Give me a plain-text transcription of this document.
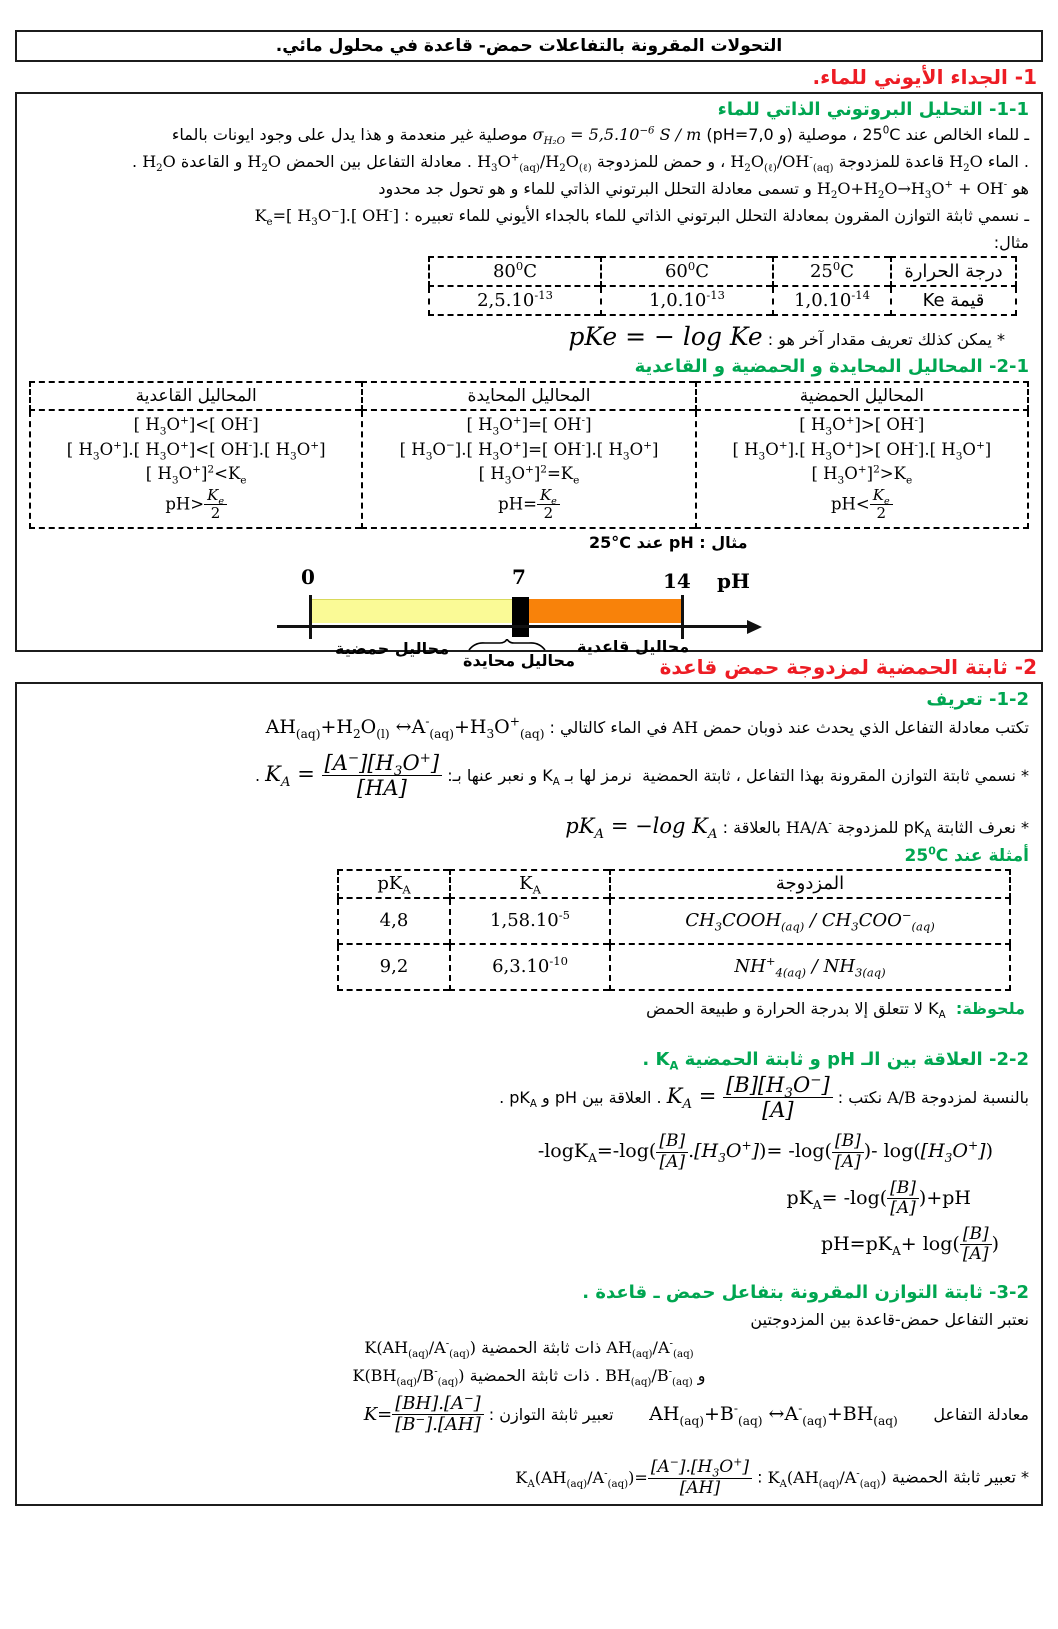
التحولات المقرونة بالتفاعلات حمض- قاعدة في محلول مائي.
1- الجداء الأيوني للماء.
1-1- التحليل البروتوني الذاتي للماء
ـ للماء الخالص عند $25^0C$ ، موصلية (و pH=7,0) $\sigma_{H_2O} = 5,5.10^{-6}$ S / m موصلية غير منعدمة و هذا يدل على وجود ايونات بالماء
. الماء $H_2O$ قاعدة للمزدوجة $H_2O_{(\ell)}/OH^-_{(aq)}$ ، و حمض للمزدوجة $H_3O^+_{(aq)}/H_2O_{(\ell)}$ . معادلة التفاعل بين الحمض $H_2O$ و القاعدة $H_2O$ .
هو $H_2O+H_2O\to H_3O^+ + OH^-$ و تسمى معادلة التحلل البرتوني الذاتي للماء و هو تحول جد محدود
ـ نسمي ثابثة التوازن المقرون بمعادلة التحلل البرتوني الذاتي للماء بالجداء الأيوني للماء تعبيره : $K_e=$[ $H_3O^-$].[ OH-]
مثال:
درجة الحرارة	$25^0C$	$60^0C$	$80^0C$
قيمة Ke	$1,0.10^{-14}$	$1,0.10^{-13}$	$2,5.10^{-13}$
* يمكن كذلك تعريف مقدار آخر هو : pKe = − log Ke
2-1- المحاليل المحايدة و الحمضية و القاعدية
المحاليل الحمضية	المحاليل المحايدة	المحاليل القاعدية

[ $H_3O^+]>$[ OH-]
[ $H_3O^+$].[ $H_3O^+]>$[ OH-].[ $H_3O^+$]
[ $H_3O^+]^2>K_e$
$pH< \frac{K_e}{2}$

[ $H_3O^+]=$[ OH-]
[ $H_3O^-$].[ $H_3O^+]=$[ OH-].[ $H_3O^+$]
[ $H_3O^+]^2=K_e$
$pH= \frac{K_e}{2}$

[ $H_3O^+]<$[ OH-]
[ $H_3O^+$].[ $H_3O^+]<$[ OH-].[ $H_3O^+$]
[ $H_3O^+]^2<K_e$
$pH> \frac{K_e}{2}$
مثال : pH عند 25°C
0	7	14 pH
محاليل حمضية
محاليل محايدة
محاليل قاعدية
2- ثابتة الحمضية لمزدوجة حمض قاعدة
1-2- تعريف
تكتب معادلة التفاعل الذي يحدث عند ذوبان حمض AH في الماء كالتالي : $AH_{(aq)}+H_2O_{(l)}$ $\leftrightarrow A^-_{(aq)}+H_3O^+_{(aq)}$
* نسمي ثابتة التوازن المقرونة بهذا التفاعل ، ثابتة الحمضية  نرمز لها بـ $K_A$ و نعبر عنها بـ: $K_A = \frac{[A^-][H_3O^+]}{[HA]}$
.
* نعرف الثابتة $pK_A$ للمزدوجة HA/A- بالعلاقة : $pK_A = -\log$ $K_A$
أمثلة عند $25^0C$
المزدوجة	$K_A$	$pK_A$
$CH_3COOH_{(aq)} / CH_3COO^-_{(aq)}$	$1,58.10^{-5}$	4,8
$NH^+_{4(aq)} / NH_{3(aq)}$	$6,3.10^{-10}$	9,2
ملحوظة:  $K_A$ لا تتعلق إلا بدرجة الحرارة و طبيعة الحمض
2-2- العلاقة بين الـ pH و ثابتة الحمضية $K_A$ .
بالنسبة لمزدوجة A/B نكتب : $K_A = \frac{[B][H_3O^-]}{[A]}$
. العلاقة بين pH و $pK_A$ .
$-\log K_A=-\log( \frac{[B]}{[A]} .[H_3O^+])= -\log( \frac{[B]}{[A]}$ )- $\log([H_3O^+])$
$pK_A= -\log( \frac{[B]}{[A]} )+pH$
$pH=pK_A+ \log( \frac{[B]}{[A]}$ )
3-2- ثابتة التوازن المقرونة بتفاعل حمض ـ قاعدة .
نعتبر التفاعل حمض-قاعدة بين المزدوجتين
$AH_{(aq)}/A^-_{(aq)}$ ذات ثابثة الحمضية $K(AH_{(aq)}/A^-_{(aq)})$
و $BH_{(aq)}/B^-_{(aq)}$ . ذات ثابثة الحمضية $K(BH_{(aq)}/B^-_{(aq)})$
معادلة التفاعل       $AH_{(aq)}+B^-_{(aq)}$ $\leftrightarrow A^-_{(aq)}+BH_{(aq)}$       تعبير ثابثة التوازن : $K= \frac{[BH].[A^-]}{[B^-].[AH]}$
* تعبير ثابثة الحمضية $K_A(AH_{(aq)}/A^-_{(aq)})$ : $K_A(AH_{(aq)}/A^-_{(aq)})= \frac{[A^-].[H_3O^+]}{[AH]}$
